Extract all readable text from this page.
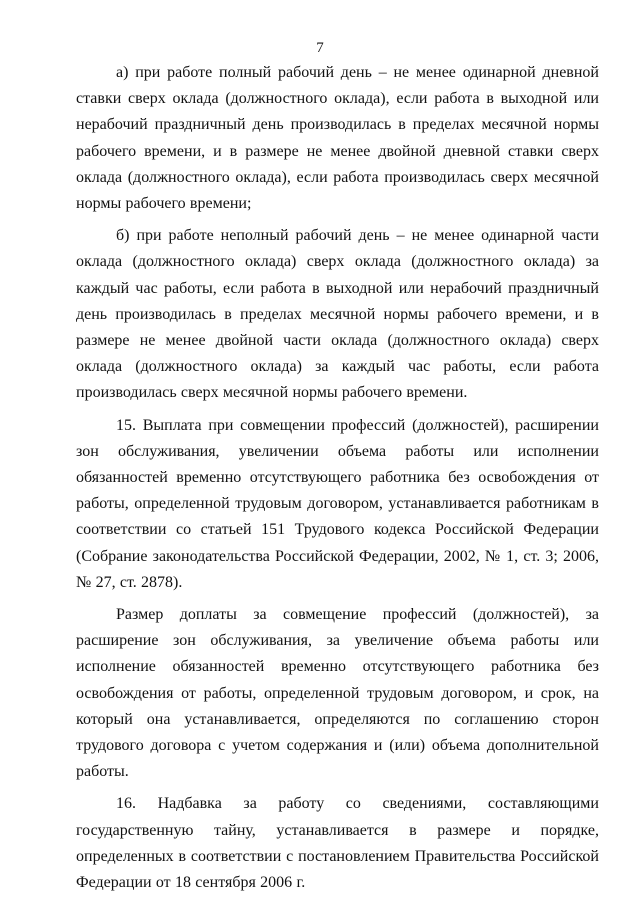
7

а) при работе полный рабочий день – не менее одинарной дневной ставки сверх оклада (должностного оклада), если работа в выходной или нерабочий праздничный день производилась в пределах месячной нормы рабочего времени, и в размере не менее двойной дневной ставки сверх оклада (должностного оклада), если работа производилась сверх месячной нормы рабочего времени;

б) при работе неполный рабочий день – не менее одинарной части оклада (должностного оклада) сверх оклада (должностного оклада) за каждый час работы, если работа в выходной или нерабочий праздничный день производилась в пределах месячной нормы рабочего времени, и в размере не менее двойной части оклада (должностного оклада) сверх оклада (должностного оклада) за каждый час работы, если работа производилась сверх месячной нормы рабочего времени.

15. Выплата при совмещении профессий (должностей), расширении зон обслуживания, увеличении объема работы или исполнении обязанностей временно отсутствующего работника без освобождения от работы, определенной трудовым договором, устанавливается работникам в соответствии со статьей 151 Трудового кодекса Российской Федерации (Собрание законодательства Российской Федерации, 2002, № 1, ст. 3; 2006, № 27, ст. 2878).

Размер доплаты за совмещение профессий (должностей), за расширение зон обслуживания, за увеличение объема работы или исполнение обязанностей временно отсутствующего работника без освобождения от работы, определенной трудовым договором, и срок, на который она устанавливается, определяются по соглашению сторон трудового договора с учетом содержания и (или) объема дополнительной работы.

16. Надбавка за работу со сведениями, составляющими государственную тайну, устанавливается в размере и порядке, определенных в соответствии с постановлением Правительства Российской Федерации от 18 сентября 2006 г.
